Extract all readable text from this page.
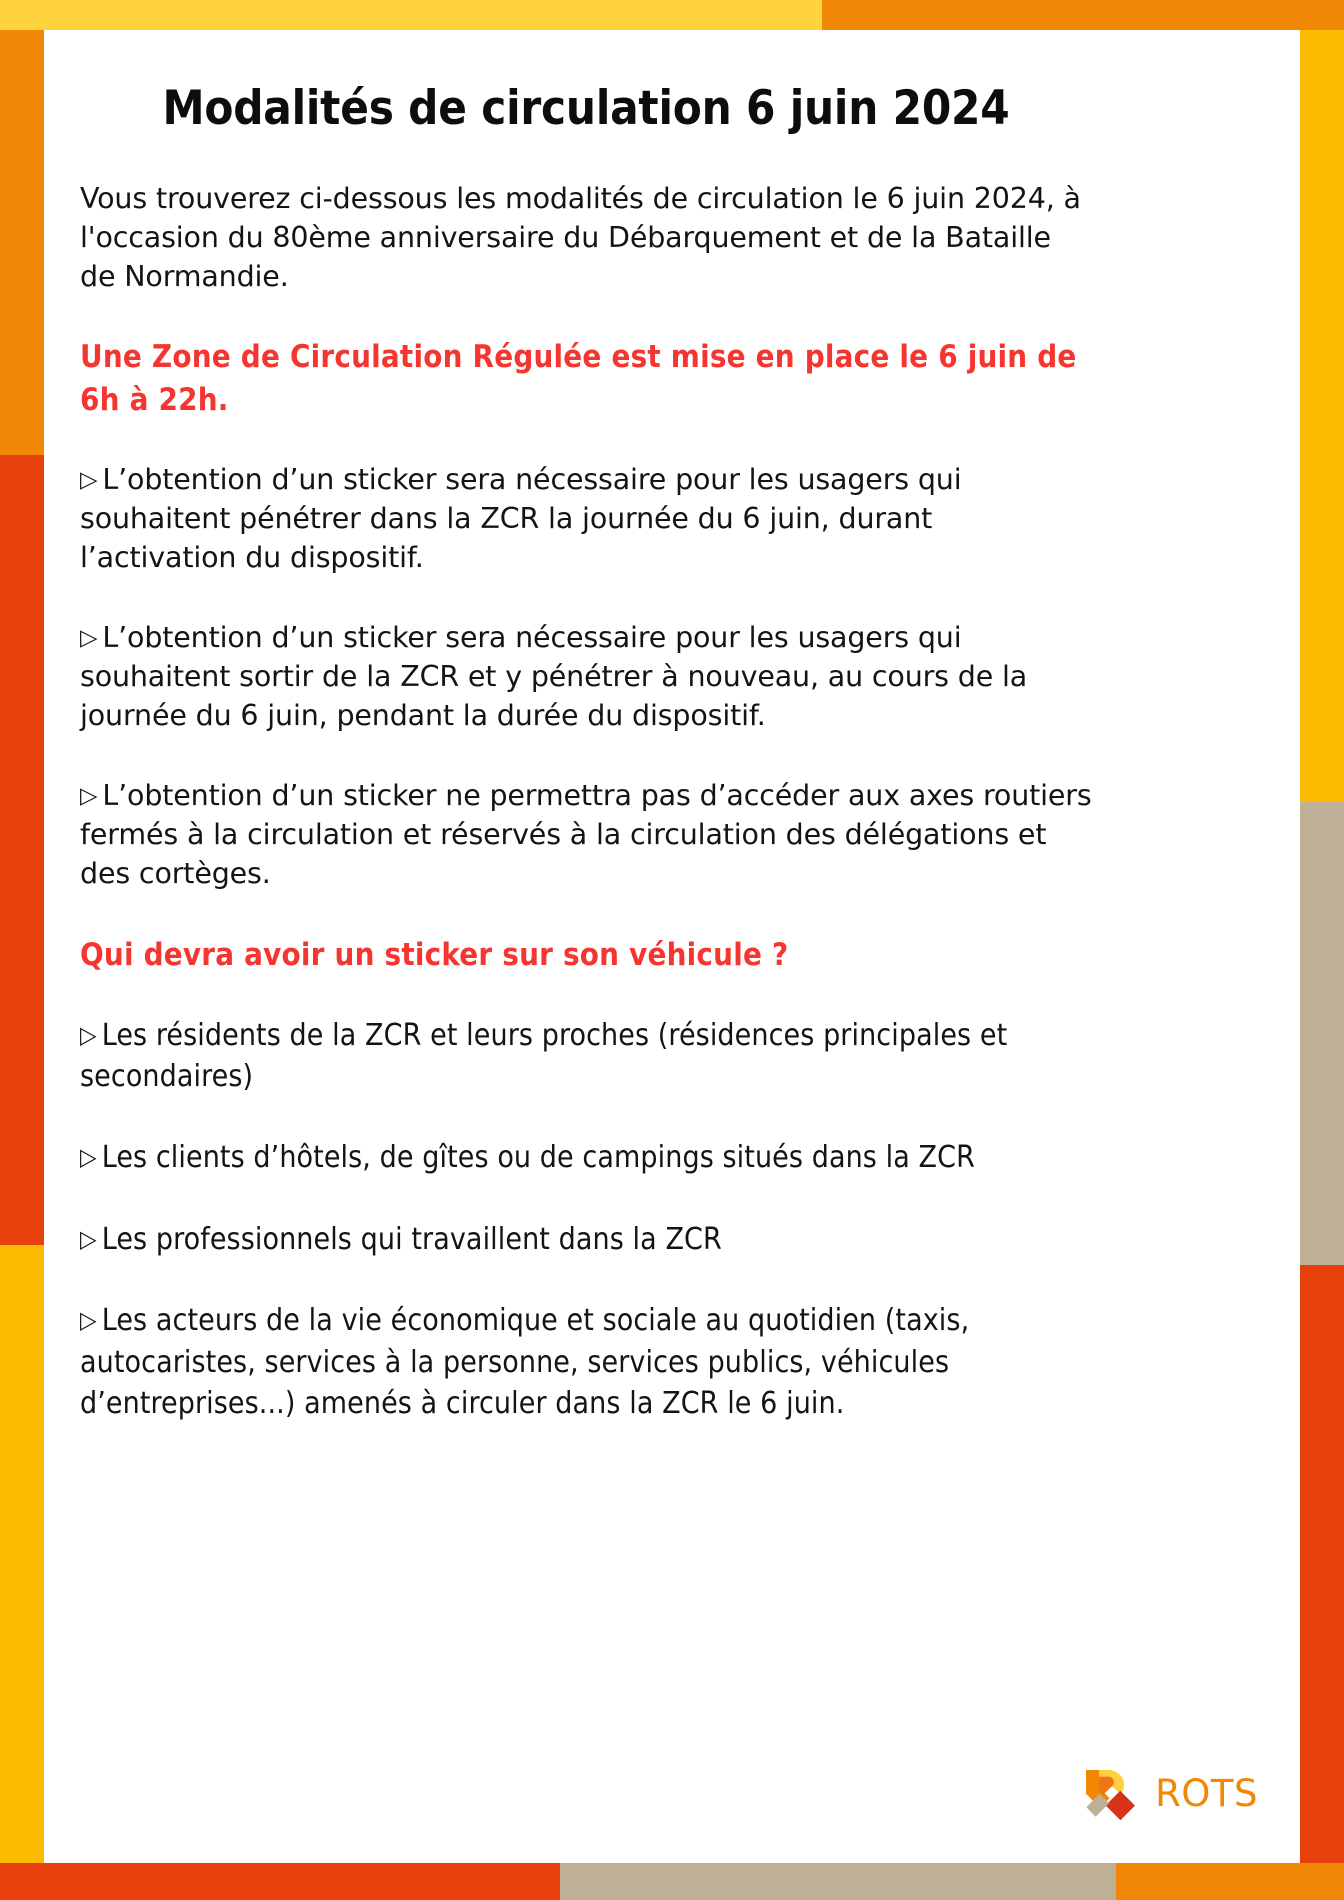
Modalités de circulation 6 juin 2024

Vous trouverez ci-dessous les modalités de circulation le 6 juin 2024, à l'occasion du 80ème anniversaire du Débarquement et de la Bataille de Normandie.

Une Zone de Circulation Régulée est mise en place le 6 juin de 6h à 22h.

▷ L’obtention d’un sticker sera nécessaire pour les usagers qui souhaitent pénétrer dans la ZCR la journée du 6 juin, durant l’activation du dispositif.

▷ L’obtention d’un sticker sera nécessaire pour les usagers qui souhaitent sortir de la ZCR et y pénétrer à nouveau, au cours de la journée du 6 juin, pendant la durée du dispositif.

▷ L’obtention d’un sticker ne permettra pas d’accéder aux axes routiers fermés à la circulation et réservés à la circulation des délégations et des cortèges.

Qui devra avoir un sticker sur son véhicule ?

▷ Les résidents de la ZCR et leurs proches (résidences principales et secondaires)

▷ Les clients d’hôtels, de gîtes ou de campings situés dans la ZCR

▷ Les professionnels qui travaillent dans la ZCR

▷ Les acteurs de la vie économique et sociale au quotidien (taxis, autocaristes, services à la personne, services publics, véhicules d’entreprises...) amenés à circuler dans la ZCR le 6 juin.

ROTS
